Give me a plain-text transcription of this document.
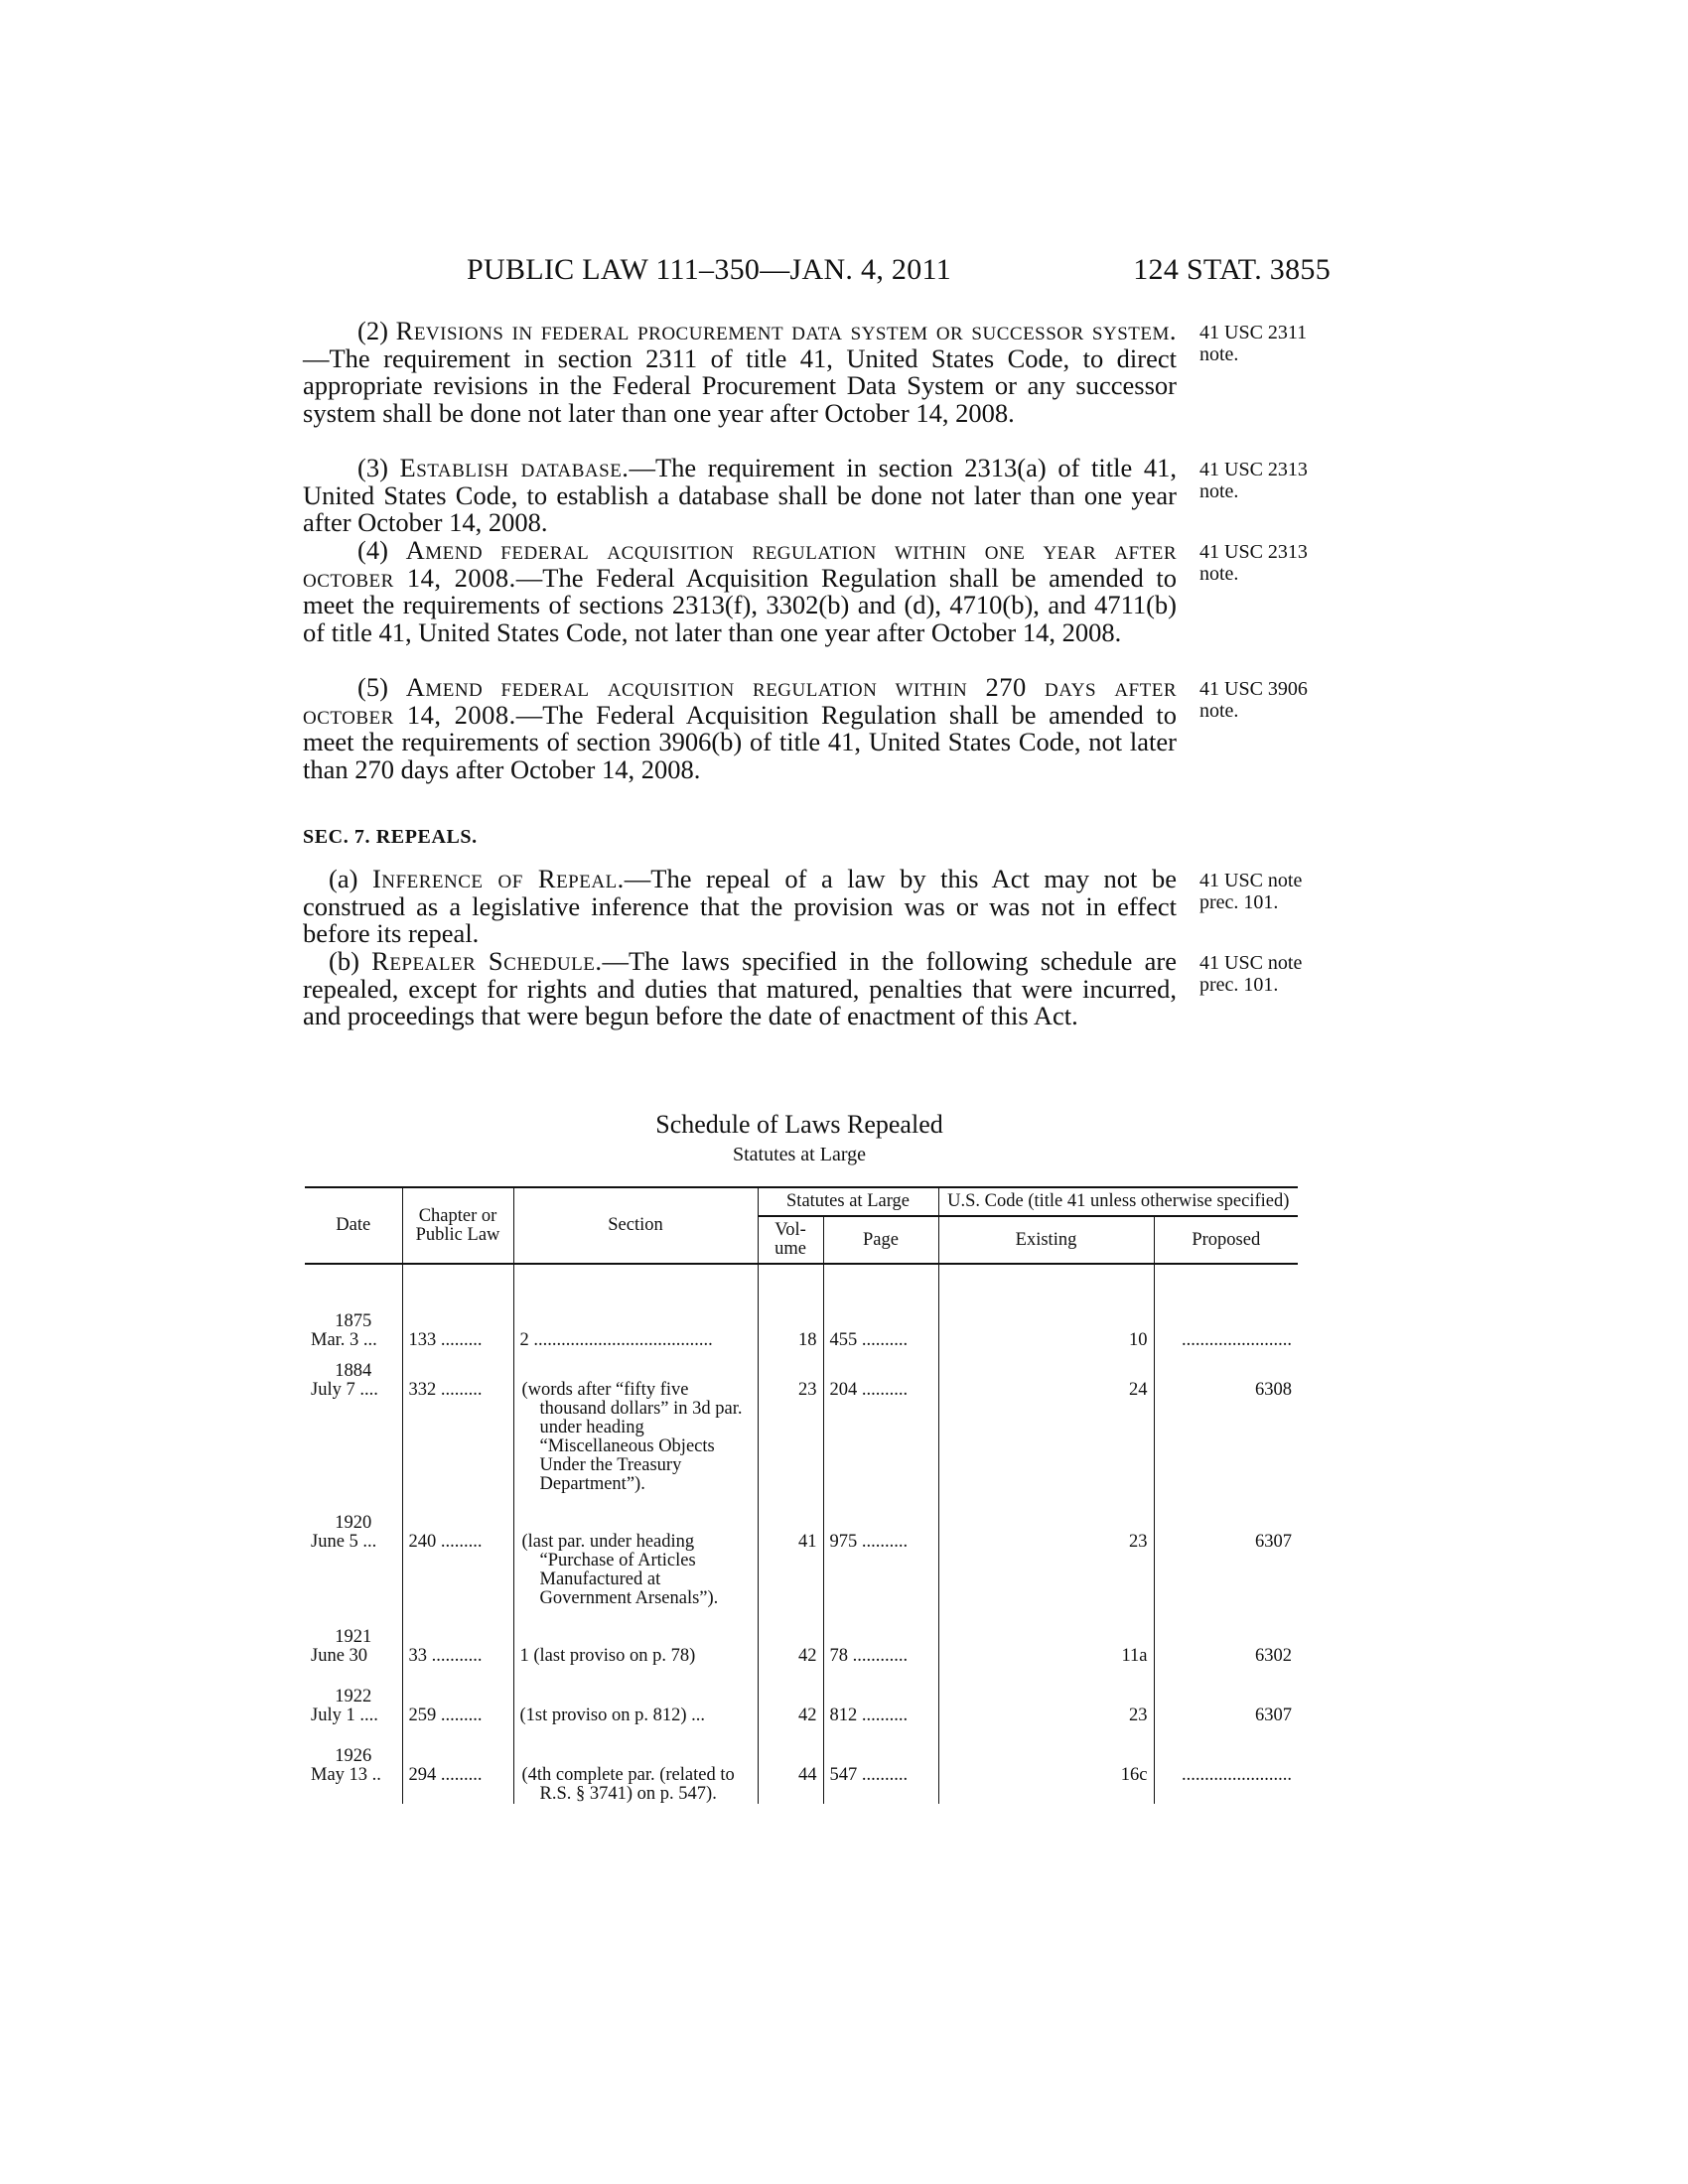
PUBLIC LAW 111–350—JAN. 4, 2011	124 STAT. 3855

(2) Revisions in federal procurement data system or successor system.—The requirement in section 2311 of title 41, United States Code, to direct appropriate revisions in the Federal Procurement Data System or any successor system shall be done not later than one year after October 14, 2008.

41 USC 2311
note.

(3) Establish database.—The requirement in section 2313(a) of title 41, United States Code, to establish a database shall be done not later than one year after October 14, 2008.

41 USC 2313
note.

(4) Amend federal acquisition regulation within one year after october 14, 2008.—The Federal Acquisition Regulation shall be amended to meet the requirements of sections 2313(f), 3302(b) and (d), 4710(b), and 4711(b) of title 41, United States Code, not later than one year after October 14, 2008.

41 USC 2313
note.

(5) Amend federal acquisition regulation within 270 days after october 14, 2008.—The Federal Acquisition Regulation shall be amended to meet the requirements of section 3906(b) of title 41, United States Code, not later than 270 days after October 14, 2008.

41 USC 3906
note.
SEC. 7. REPEALS.

(a) Inference of Repeal.—The repeal of a law by this Act may not be construed as a legislative inference that the provision was or was not in effect before its repeal.

41 USC note
prec. 101.

(b) Repealer Schedule.—The laws specified in the following schedule are repealed, except for rights and duties that matured, penalties that were incurred, and proceedings that were begun before the date of enactment of this Act.

41 USC note
prec. 101.
Schedule of Laws Repealed
Statutes at Large
Date	Chapter or Public Law	Section	Statutes at Large		U.S. Code (title 41 unless otherwise specified)	
			Vol-ume	Page	Existing	Proposed

1875
Mar. 3 ...	133 .........	2 .......................................	18	455 ..........	10	........................

1884
July 7 ....	332 .........	(words after “fifty five thousand dollars” in 3d par. under heading “Miscellaneous Objects Under the Treasury Department”).	23	204 ..........	24	6308

1920
June 5 ...	240 .........	(last par. under heading “Purchase of Articles Manufactured at Government Arsenals”).	41	975 ..........	23	6307

1921
June 30	33 ...........	1 (last proviso on p. 78)	42	78 ............	11a	6302

1922
July 1 ....	259 .........	(1st proviso on p. 812) ...	42	812 ..........	23	6307

1926
May 13 ..	294 .........	(4th complete par. (related to R.S. § 3741) on p. 547).	44	547 ..........	16c	........................
